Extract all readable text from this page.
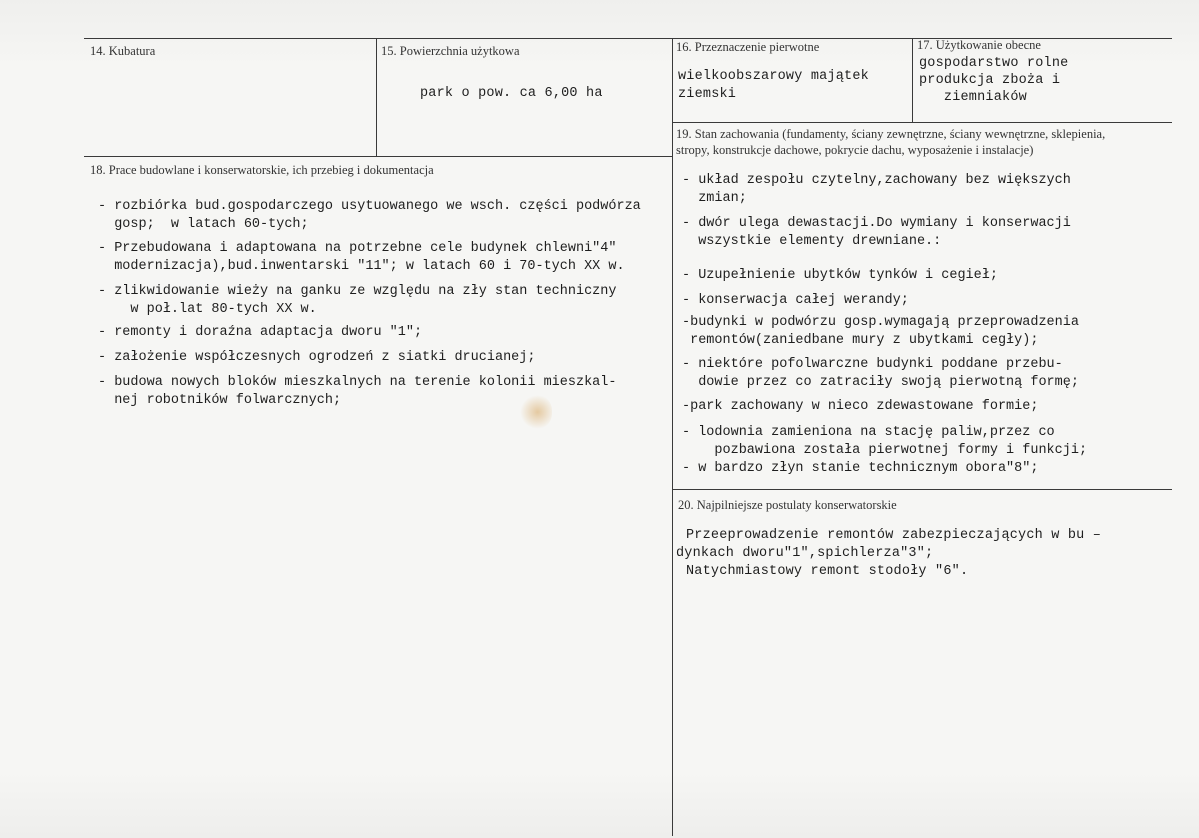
14. Kubatura	15. Powierzchnia użytkowa
park o pow. ca 6,00 ha
16. Przeznaczenie pierwotne
wielkoobszarowy majątek
ziemski
17. Użytkowanie obecne
gospodarstwo rolne
produkcja zboża i
ziemniaków
18. Prace budowlane i konserwatorskie, ich przebieg i dokumentacja
- rozbiórka bud.gospodarczego usytuowanego we wsch. części podwórza
gosp;  w latach 60-tych;
- Przebudowana i adaptowana na potrzebne cele budynek chlewni"4"
modernizacja),bud.inwentarski "11"; w latach 60 i 70-tych XX w.
- zlikwidowanie wieży na ganku ze względu na zły stan techniczny
w poł.lat 80-tych XX w.
- remonty i doraźna adaptacja dworu "1";
- założenie współczesnych ogrodzeń z siatki drucianej;
- budowa nowych bloków mieszkalnych na terenie kolonii mieszkal-
nej robotników folwarcznych;
19. Stan zachowania (fundamenty, ściany zewnętrzne, ściany wewnętrzne, sklepienia,
stropy, konstrukcje dachowe, pokrycie dachu, wyposażenie i instalacje)
- układ zespołu czytelny,zachowany bez większych
zmian;
- dwór ulega dewastacji.Do wymiany i konserwacji
wszystkie elementy drewniane.:
- Uzupełnienie ubytków tynków i cegieł;
- konserwacja całej werandy;
-budynki w podwórzu gosp.wymagają przeprowadzenia
remontów(zaniedbane mury z ubytkami cegły);
- niektóre pofolwarczne budynki poddane przebu-
dowie przez co zatraciły swoją pierwotną formę;
-park zachowany w nieco zdewastowane formie;
- lodownia zamieniona na stację paliw,przez co
pozbawiona została pierwotnej formy i funkcji;
- w bardzo złyn stanie technicznym obora"8";
20. Najpilniejsze postulaty konserwatorskie
Przeeprowadzenie remontów zabezpieczających w bu –
dynkach dworu"1",spichlerza"3";
Natychmiastowy remont stodoły "6".
